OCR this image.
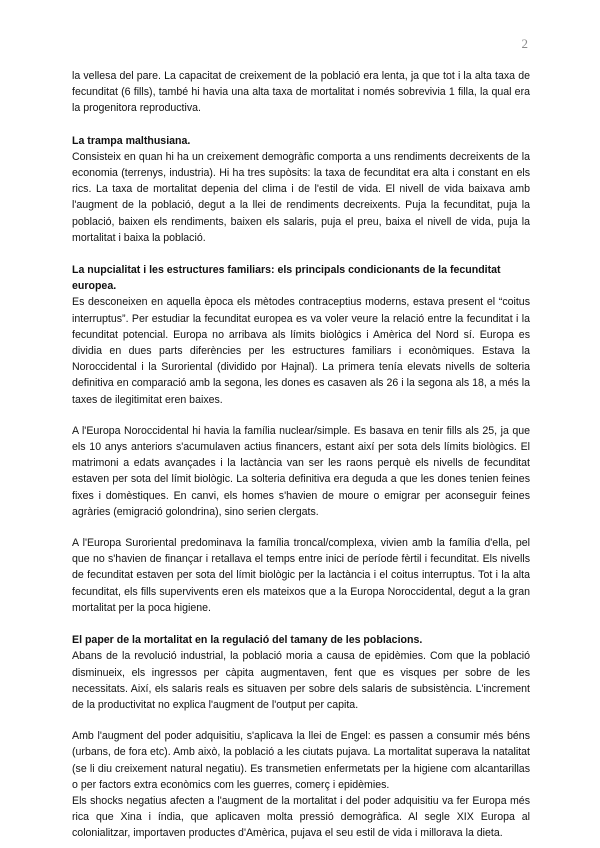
2

la vellesa del pare. La capacitat de creixement de la població era lenta, ja que tot i la alta taxa de fecunditat (6 fills), també hi havia una alta taxa de mortalitat i només sobrevivia 1 filla, la qual era la progenitora reproductiva.

La trampa malthusiana.

Consisteix en quan hi ha un creixement demogràfic comporta a uns rendiments decreixents de la economia (terrenys, industria). Hi ha tres supòsits: la taxa de fecunditat era alta i constant en els rics. La taxa de mortalitat depenia del clima i de l'estil de vida. El nivell de vida baixava amb l'augment de la població, degut a la llei de rendiments decreixents. Puja la fecunditat, puja la població, baixen els rendiments, baixen els salaris, puja el preu, baixa el nivell de vida, puja la mortalitat i baixa la població.

La nupcialitat i les estructures familiars: els principals condicionants de la fecunditat europea.

Es desconeixen en aquella època els mètodes contraceptius moderns, estava present el “coitus interruptus”. Per estudiar la fecunditat europea es va voler veure la relació entre la fecunditat i la fecunditat potencial. Europa no arribava als límits biològics i Amèrica del Nord sí. Europa es dividia en dues parts diferències per les estructures familiars i econòmiques. Estava la Noroccidental i la Suroriental (dividido por Hajnal). La primera tenía elevats nivells de solteria definitiva en comparació amb la segona, les dones es casaven als 26 i la segona als 18, a més la taxes de ilegitimitat eren baixes.

A l'Europa Noroccidental hi havia la família nuclear/simple. Es basava en tenir fills als 25, ja que els 10 anys anteriors s'acumulaven actius financers, estant així per sota dels límits biològics. El matrimoni a edats avançades i la lactància van ser les raons perquè els nivells de fecunditat estaven per sota del límit biològic. La solteria definitiva era deguda a que les dones tenien feines fixes i domèstiques. En canvi, els homes s'havien de moure o emigrar per aconseguir feines agràries (emigració golondrina), sino serien clergats.

A l'Europa Suroriental predominava la família troncal/complexa, vivien amb la família d'ella, pel que no s'havien de finançar i retallava el temps entre inici de període fèrtil i fecunditat. Els nivells de fecunditat estaven per sota del límit biològic per la lactància i el coitus interruptus. Tot i la alta fecunditat, els fills supervivents eren els mateixos que a la Europa Noroccidental, degut a la gran mortalitat per la poca higiene.

El paper de la mortalitat en la regulació del tamany de les poblacions.

Abans de la revolució industrial, la població moria a causa de epidèmies. Com que la població disminueix, els ingressos per càpita augmentaven, fent que es visques per sobre de les necessitats. Així, els salaris reals es situaven per sobre dels salaris de subsistència. L'increment de la productivitat no explica l'augment de l'output per capita.

Amb l'augment del poder adquisitiu, s'aplicava la llei de Engel: es passen a consumir més béns (urbans, de fora etc). Amb això, la població a les ciutats pujava. La mortalitat superava la natalitat (se li diu creixement natural negatiu). Es transmetien enfermetats per la higiene com alcantarillas o per factors extra econòmics com les guerres, comerç i epidèmies.

Els shocks negatius afecten a l'augment de la mortalitat i del poder adquisitiu va fer Europa més rica que Xina i índia, que aplicaven molta pressió demogràfica. Al segle XIX Europa al colonialitzar, importaven productes d'Amèrica, pujava el seu estil de vida i millorava la dieta.
